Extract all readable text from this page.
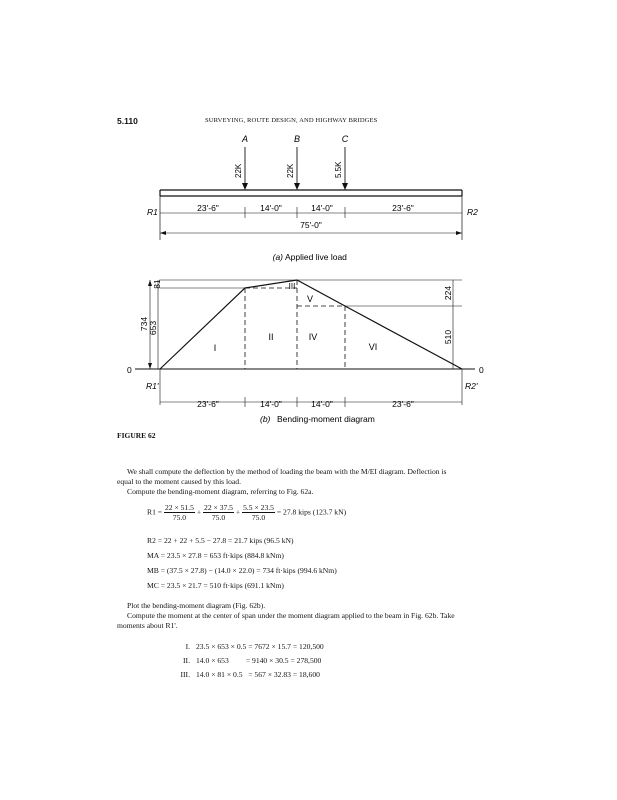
5.110	SURVEYING, ROUTE DESIGN, AND HIGHWAY BRIDGES
A	B	C
22K	22K	5.5K
R1	R2
23'-6"	14'-0"	14'-0"	23'-6"
75'-0"
(a) Applied live load
0	0
81
734 653
224
510
I
II
III
V
IV
VI
R1'	R2'
23'-6"	14'-0"	14'-0"	23'-6"
(b) Bending-moment diagram
FIGURE 62
We shall compute the deflection by the method of loading the beam with the M/EI diagram. Deflection is equal to the moment caused by this load.
Compute the bending-moment diagram, referring to Fig. 62a.
$R1 = \frac{22 \times 51.5}{75.0} + \frac{22 \times 37.5}{75.0} + \frac{5.5 \times 23.5}{75.0} = 27.8$ kips (123.7 kN)
R2 = 22 + 22 + 5.5 − 27.8 = 21.7 kips (96.5 kN)
MA = 23.5 × 27.8 = 653 ft·kips (884.8 kNm)
MB = (37.5 × 27.8) − (14.0 × 22.0) = 734 ft·kips (994.6 kNm)
MC = 23.5 × 21.7 = 510 ft·kips (691.1 kNm)
Plot the bending-moment diagram (Fig. 62b).
Compute the moment at the center of span under the moment diagram applied to the beam in Fig. 62b. Take moments about R1'.
I. 23.5 × 653 × 0.5 = 7672 × 15.7 = 120,500
II. 14.0 × 653         = 9140 × 30.5 = 278,500
III. 14.0 × 81 × 0.5   = 567 × 32.83 = 18,600
